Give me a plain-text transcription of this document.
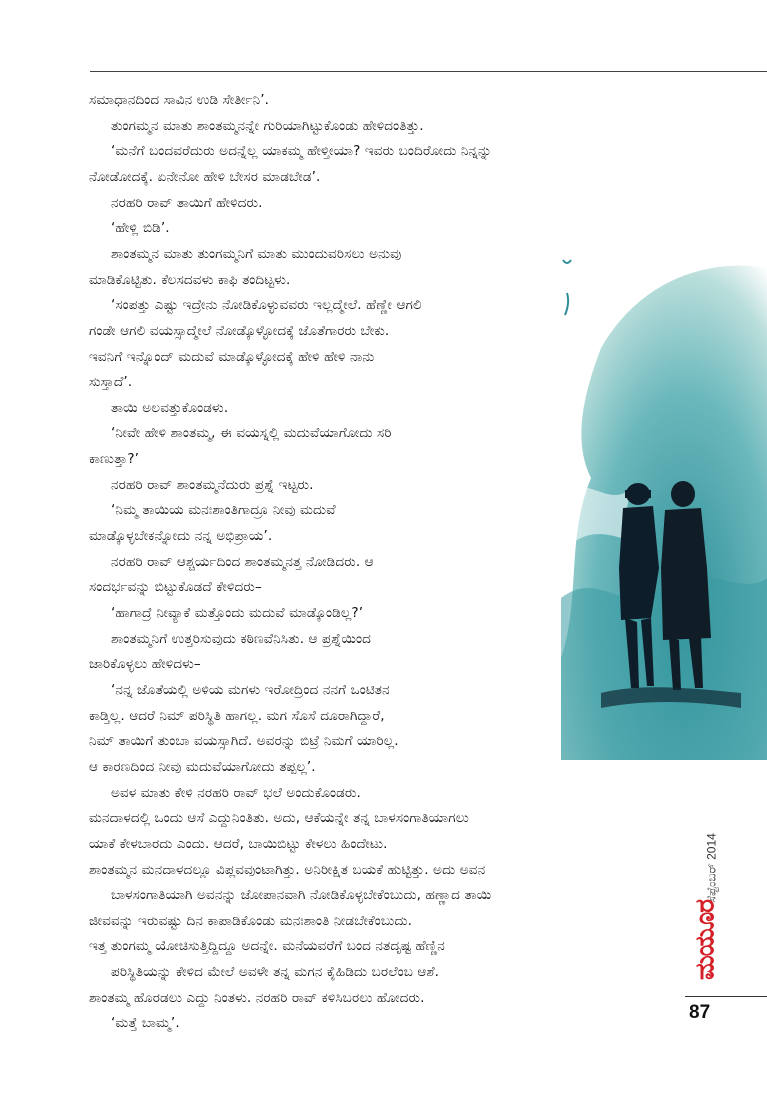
ಸಮಾಧಾನದಿಂದ ಸಾವಿನ ಉಡಿ ಸೇರ್ತೀನಿ’.
ತುಂಗಮ್ಮನ ಮಾತು ಶಾಂತಮ್ಮನನ್ನೇ ಗುರಿಯಾಗಿಟ್ಟುಕೊಂಡು ಹೇಳಿದಂತಿತ್ತು.
‘ಮನೆಗೆ ಬಂದವರೆದುರು ಅದನ್ನೆಲ್ಲ ಯಾಕಮ್ಮ ಹೇಳ್ತೀಯಾ? ಇವರು ಬಂದಿರೋದು ನಿನ್ನನ್ನು
ನೋಡೋದಕ್ಕೆ. ಏನೇನೋ ಹೇಳಿ ಬೇಸರ ಮಾಡಬೇಡ’.
ನರಹರಿ ರಾವ್ ತಾಯಿಗೆ ಹೇಳಿದರು.
‘ಹೇಳ್ಲಿ ಬಿಡಿ’.
ಶಾಂತಮ್ಮನ ಮಾತು ತುಂಗಮ್ಮನಿಗೆ ಮಾತು ಮುಂದುವರಿಸಲು ಅನುವು
ಮಾಡಿಕೊಟ್ಟಿತು. ಕೆಲಸದವಳು ಕಾಫಿ ತಂದಿಟ್ಟಳು.
‘ಸಂಪತ್ತು ಎಷ್ಟು ಇದ್ರೇನು ನೋಡಿಕೊಳ್ಳುವವರು ಇಲ್ಲದ್ಮೇಲೆ. ಹೆಣ್ಣೇ ಆಗಲಿ
ಗಂಡೇ ಆಗಲಿ ವಯಸ್ಸಾದ್ಮೇಲೆ ನೋಡ್ಕೊಳ್ಳೋದಕ್ಕೆ ಜೊತೆಗಾರರು ಬೇಕು.
ಇವನಿಗೆ ಇನ್ನೊಂದ್ ಮದುವೆ ಮಾಡ್ಕೊಳ್ಳೋದಕ್ಕೆ ಹೇಳಿ ಹೇಳಿ ನಾನು
ಸುಸ್ತಾದೆ’.
ತಾಯಿ ಅಲವತ್ತುಕೊಂಡಳು.
‘ನೀವೇ ಹೇಳಿ ಶಾಂತಮ್ಮ, ಈ ವಯಸ್ನಲ್ಲಿ ಮದುವೆಯಾಗೋದು ಸರಿ
ಕಾಣುತ್ತಾ?’
ನರಹರಿ ರಾವ್ ಶಾಂತಮ್ಮನೆದುರು ಪ್ರಶ್ನೆ ಇಟ್ಟರು.
‘ನಿಮ್ಮ ತಾಯಿಯ ಮನಃಶಾಂತಿಗಾದ್ರೂ ನೀವು ಮದುವೆ
ಮಾಡ್ಕೊಳ್ಳಬೇಕನ್ನೋದು ನನ್ನ ಅಭಿಪ್ರಾಯ’.
ನರಹರಿ ರಾವ್ ಆಶ್ಚರ್ಯದಿಂದ ಶಾಂತಮ್ಮನತ್ತ ನೋಡಿದರು. ಆ
ಸಂದರ್ಭವನ್ನು ಬಿಟ್ಟುಕೊಡದೆ ಕೇಳಿದರು–
‘ಹಾಗಾದ್ರೆ ನೀವ್ಯಾಕೆ ಮತ್ತೊಂದು ಮದುವೆ ಮಾಡ್ಕೊಂಡಿಲ್ಲ?’
ಶಾಂತಮ್ಮನಿಗೆ ಉತ್ತರಿಸುವುದು ಕಠಿಣವೆನಿಸಿತು. ಆ ಪ್ರಶ್ನೆಯಿಂದ
ಜಾರಿಕೊಳ್ಳಲು ಹೇಳಿದಳು–
‘ನನ್ನ ಜೊತೆಯಲ್ಲಿ ಅಳಿಯ ಮಗಳು ಇರೋದ್ರಿಂದ ನನಗೆ ಒಂಟಿತನ
ಕಾಡ್ತಿಲ್ಲ. ಆದರೆ ನಿಮ್ ಪರಿಸ್ಥಿತಿ ಹಾಗಲ್ಲ. ಮಗ ಸೊಸೆ ದೂರಾಗಿದ್ದಾರೆ,
ನಿಮ್ ತಾಯಿಗೆ ತುಂಬಾ ವಯಸ್ಸಾಗಿದೆ. ಅವರನ್ನು ಬಿಟ್ರೆ ನಿಮಗೆ ಯಾರಿಲ್ಲ.
ಆ ಕಾರಣದಿಂದ ನೀವು ಮದುವೆಯಾಗೋದು ತಪ್ಪಲ್ಲ’.
ಅವಳ ಮಾತು ಕೇಳಿ ನರಹರಿ ರಾವ್ ಭಲೆ ಅಂದುಕೊಂಡರು.
ಮನದಾಳದಲ್ಲಿ ಒಂದು ಆಸೆ ಎದ್ದುನಿಂತಿತು. ಅದು, ಆಕೆಯನ್ನೇ ತನ್ನ ಬಾಳಸಂಗಾತಿಯಾಗಲು
ಯಾಕೆ ಕೇಳಬಾರದು ಎಂದು. ಆದರೆ, ಬಾಯಿಬಿಟ್ಟು ಕೇಳಲು ಹಿಂದೇಟು.
ಶಾಂತಮ್ಮನ ಮನದಾಳದಲ್ಲೂ ವಿಪ್ಲವವುಂಟಾಗಿತ್ತು. ಅನಿರೀಕ್ಷಿತ ಬಯಕೆ ಹುಟ್ಟಿತ್ತು. ಅದು ಅವನ
ಬಾಳಸಂಗಾತಿಯಾಗಿ ಅವನನ್ನು ಜೋಪಾನವಾಗಿ ನೋಡಿಕೊಳ್ಳಬೇಕೆಂಬುದು, ಹಣ್ಣಾದ ತಾಯಿ
ಜೀವವನ್ನು ಇರುವಷ್ಟು ದಿನ ಕಾಪಾಡಿಕೊಂಡು ಮನಃಶಾಂತಿ ನೀಡಬೇಕೆಂಬುದು.
ಇತ್ತ ತುಂಗಮ್ಮ ಯೋಚಿಸುತ್ತಿದ್ದಿದ್ದೂ ಅದನ್ನೇ. ಮನೆಯವರೆಗೆ ಬಂದ ನತದೃಷ್ಟ ಹೆಣ್ಣಿನ
ಪರಿಸ್ಥಿತಿಯನ್ನು ಕೇಳಿದ ಮೇಲೆ ಅವಳೇ ತನ್ನ ಮಗನ ಕೈಹಿಡಿದು ಬರಲೆಂಬ ಆಶೆ.
ಶಾಂತಮ್ಮ ಹೊರಡಲು ಎದ್ದು ನಿಂತಳು. ನರಹರಿ ರಾವ್ ಕಳಿಸಿಬರಲು ಹೋದರು.
‘ಮತ್ತೆ ಬಾಮ್ಮ’.
ಸೆಪ್ಟೆಂಬರ್ 2014
ಮಯೂರ
87
